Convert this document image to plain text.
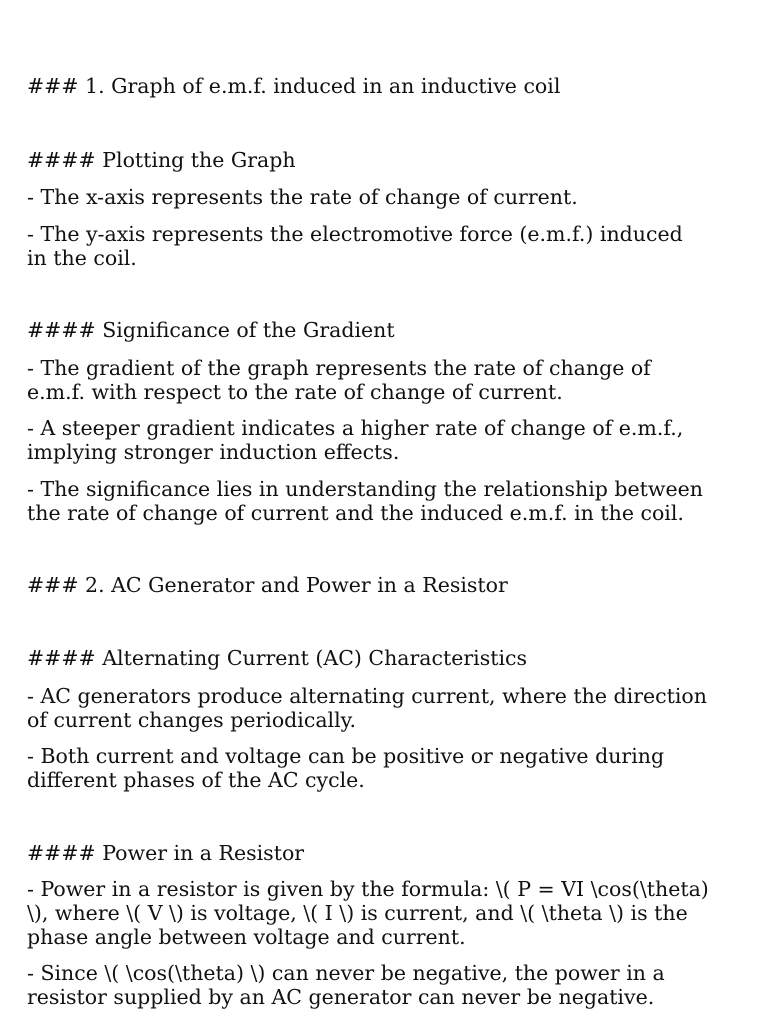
### 1. Graph of e.m.f. induced in an inductive coil

#### Plotting the Graph

- The x-axis represents the rate of change of current.

- The y-axis represents the electromotive force (e.m.f.) induced in the coil.

#### Significance of the Gradient

- The gradient of the graph represents the rate of change of e.m.f. with respect to the rate of change of current.

- A steeper gradient indicates a higher rate of change of e.m.f., implying stronger induction effects.

- The significance lies in understanding the relationship between the rate of change of current and the induced e.m.f. in the coil.

### 2. AC Generator and Power in a Resistor

#### Alternating Current (AC) Characteristics

- AC generators produce alternating current, where the direction of current changes periodically.

- Both current and voltage can be positive or negative during different phases of the AC cycle.

#### Power in a Resistor

- Power in a resistor is given by the formula: \( P = VI \cos(\theta) \), where \( V \) is voltage, \( I \) is current, and \( \theta \) is the phase angle between voltage and current.

- Since \( \cos(\theta) \) can never be negative, the power in a resistor supplied by an AC generator can never be negative.
